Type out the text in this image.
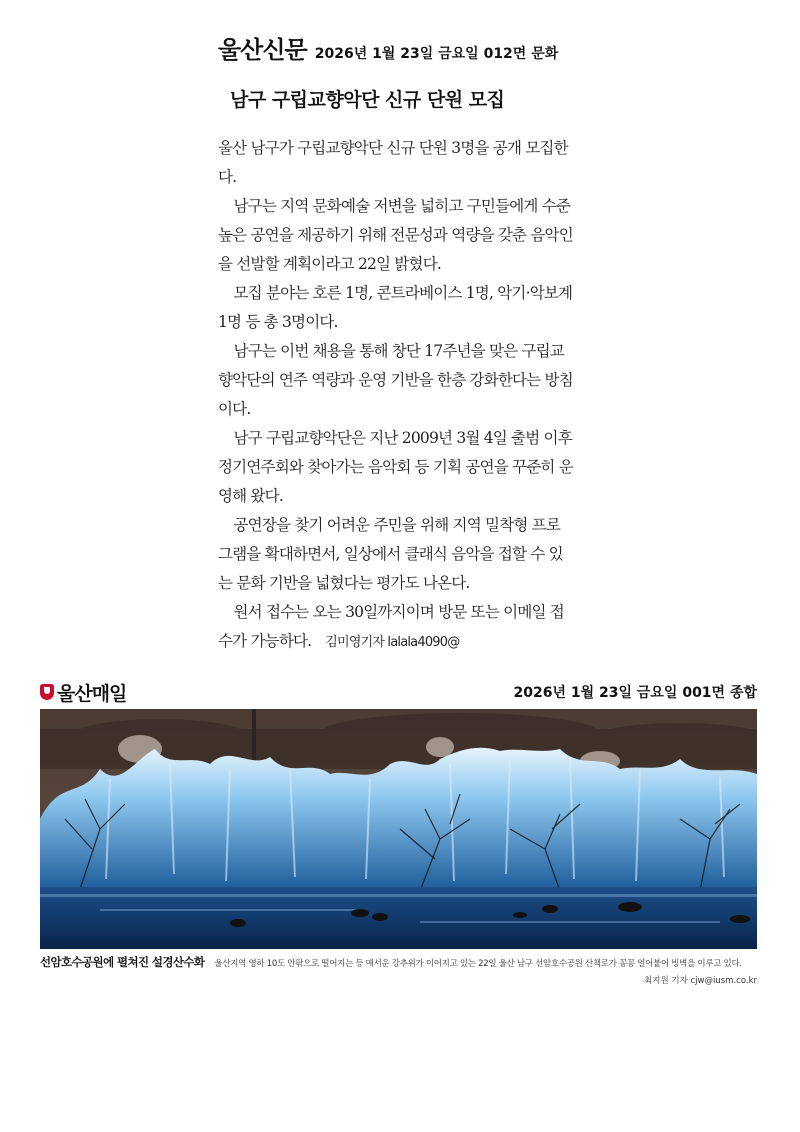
울산신문 2026년 1월 23일 금요일 012면 문화
남구 구립교향악단 신규 단원 모집

울산 남구가 구립교향악단 신규 단원 3명을 공개 모집한다.

남구는 지역 문화예술 저변을 넓히고 구민들에게 수준 높은 공연을 제공하기 위해 전문성과 역량을 갖춘 음악인을 선발할 계획이라고 22일 밝혔다.

모집 분야는 호른 1명, 콘트라베이스 1명, 악기·악보계 1명 등 총 3명이다.

남구는 이번 채용을 통해 창단 17주년을 맞은 구립교향악단의 연주 역량과 운영 기반을 한층 강화한다는 방침이다.

남구 구립교향악단은 지난 2009년 3월 4일 출범 이후 정기연주회와 찾아가는 음악회 등 기획 공연을 꾸준히 운영해 왔다.

공연장을 찾기 어려운 주민을 위해 지역 밀착형 프로그램을 확대하면서, 일상에서 클래식 음악을 접할 수 있는 문화 기반을 넓혔다는 평가도 나온다.

원서 접수는 오는 30일까지이며 방문 또는 이메일 접수가 가능하다. 김미영기자 lalala4090@

울산매일	2026년 1월 23일 금요일 001면 종합
선암호수공원에 펼쳐진 설경산수화 울산지역 영하 10도 안팎으로 떨어지는 등 매서운 강추위가 이어지고 있는 22일 울산 남구 선암호수공원 산책로가 꽁꽁 얼어붙어 빙벽을 이루고 있다.
최지원 기자 cjw@iusm.co.kr
